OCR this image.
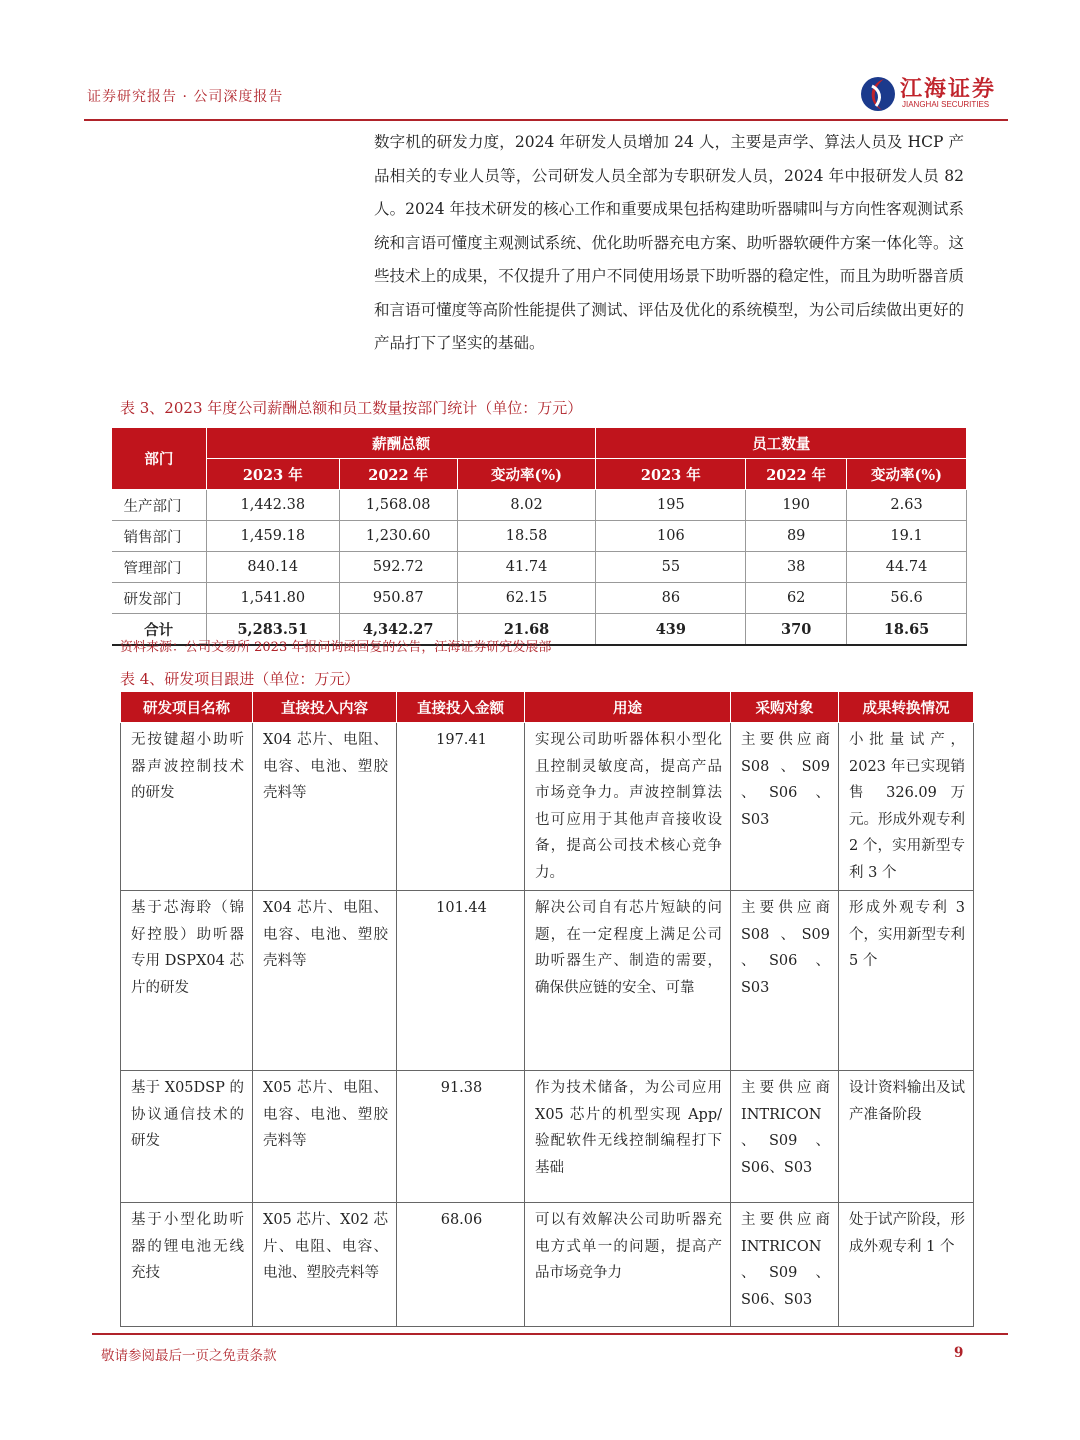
证券研究报告 · 公司深度报告	江海证券
JIANGHAI SECURITIES
数字机的研发力度，2024 年研发人员增加 24 人，主要是声学、算法人员及 HCP 产品相关的专业人员等，公司研发人员全部为专职研发人员，2024 年中报研发人员 82 人。2024 年技术研发的核心工作和重要成果包括构建助听器啸叫与方向性客观测试系统和言语可懂度主观测试系统、优化助听器充电方案、助听器软硬件方案一体化等。这些技术上的成果，不仅提升了用户不同使用场景下助听器的稳定性，而且为助听器音质和言语可懂度等高阶性能提供了测试、评估及优化的系统模型，为公司后续做出更好的产品打下了坚实的基础。
表 3、2023 年度公司薪酬总额和员工数量按部门统计（单位：万元）
部门	薪酬总额			员工数量		
	2023 年	2022 年	变动率(%)	2023 年	2022 年	变动率(%)
生产部门	1,442.38	1,568.08	8.02	195	190	2.63
销售部门	1,459.18	1,230.60	18.58	106	89	19.1
管理部门	840.14	592.72	41.74	55	38	44.74
研发部门	1,541.80	950.87	62.15	86	62	56.6
合计	5,283.51	4,342.27	21.68	439	370	18.65
资料来源：公司交易所 2023 年报问询函回复的公告，江海证券研究发展部
表 4、研发项目跟进（单位：万元）
研发项目名称	直接投入内容	直接投入金额	用途	采购对象	成果转换情况
无按键超小助听器声波控制技术的研发	X04 芯片、电阻、电容、电池、塑胶壳料等	197.41	实现公司助听器体积小型化且控制灵敏度高，提高产品市场竞争力。声波控制算法也可应用于其他声音接收设备，提高公司技术核心竞争力。	主要供应商 S08 、S09 、S06 、S03	小批量试产，2023 年已实现销售 326.09 万元。形成外观专利 2 个，实用新型专利 3 个
基于芯海聆（锦好控股）助听器专用 DSPX04 芯片的研发	X04 芯片、电阻、电容、电池、塑胶壳料等	101.44	解决公司自有芯片短缺的问题，在一定程度上满足公司助听器生产、制造的需要，确保供应链的安全、可靠	主要供应商 S08 、S09 、S06 、S03	形成外观专利 3 个，实用新型专利 5 个
基于 X05DSP 的协议通信技术的研发	X05 芯片、电阻、电容、电池、塑胶壳料等	91.38	作为技术储备，为公司应用 X05 芯片的机型实现 App/验配软件无线控制编程打下基础	主要供应商 INTRICON 、S09 、S06、S03	设计资料输出及试产准备阶段
基于小型化助听器的锂电池无线充技	X05 芯片、X02 芯片、电阻、电容、电池、塑胶壳料等	68.06	可以有效解决公司助听器充电方式单一的问题，提高产品市场竞争力	主要供应商 INTRICON 、S09 、S06、S03	处于试产阶段，形成外观专利 1 个
敬请参阅最后一页之免责条款	9
